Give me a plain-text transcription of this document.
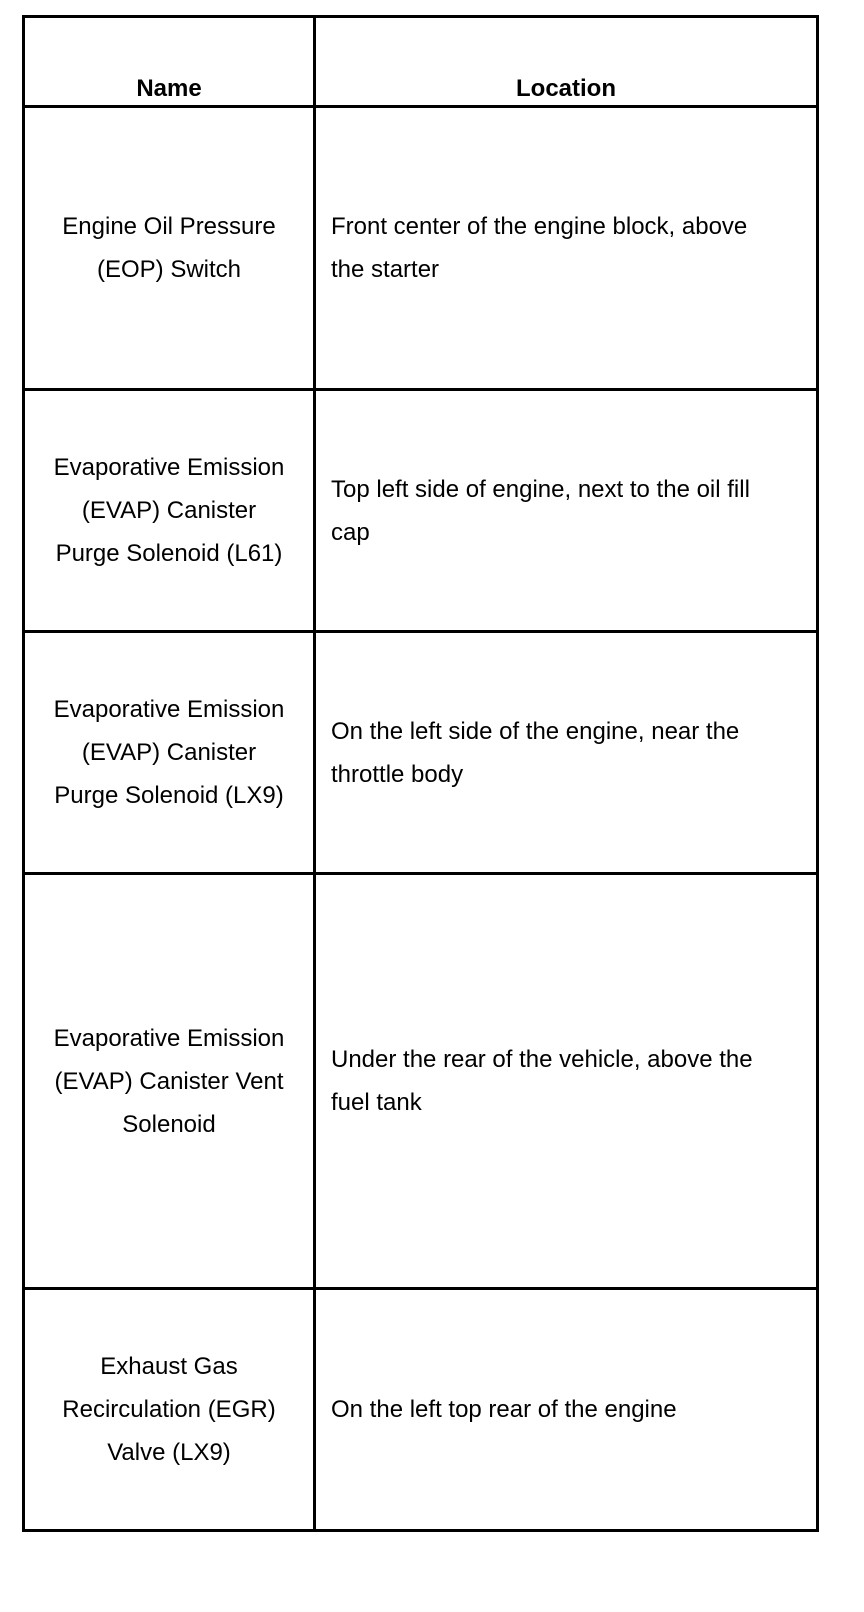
Name	Location
Engine Oil Pressure (EOP) Switch	Front center of the engine block, above the starter
Evaporative Emission (EVAP) Canister Purge Solenoid (L61)	Top left side of engine, next to the oil fill cap
Evaporative Emission (EVAP) Canister Purge Solenoid (LX9)	On the left side of the engine, near the throttle body
Evaporative Emission (EVAP) Canister Vent Solenoid	Under the rear of the vehicle, above the fuel tank
Exhaust Gas Recirculation (EGR) Valve (LX9)	On the left top rear of the engine
